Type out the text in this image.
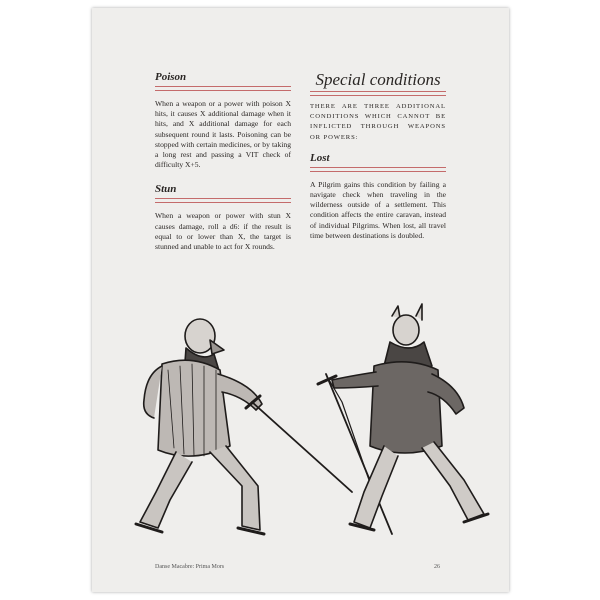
Poison

When a weapon or a power with poison X hits, it causes X additional damage when it hits, and X additional damage for each subsequent round it lasts. Poisoning can be stopped with certain medicines, or by taking a long rest and passing a VIT check of difficulty X+5.

Stun

When a weapon or power with stun X causes damage, roll a d6: if the result is equal to or lower than X, the target is stunned and unable to act for X rounds.

Special conditions

THERE ARE THREE ADDITIONAL CONDITIONS WHICH CANNOT BE INFLICTED THROUGH WEAPONS OR POWERS:

Lost

A Pilgrim gains this condition by failing a navigate check when traveling in the wilderness outside of a settlement. This condition affects the entire caravan, instead of individual Pilgrims. When lost, all travel time between destinations is doubled.

Danse Macabre: Prima Mors	26
